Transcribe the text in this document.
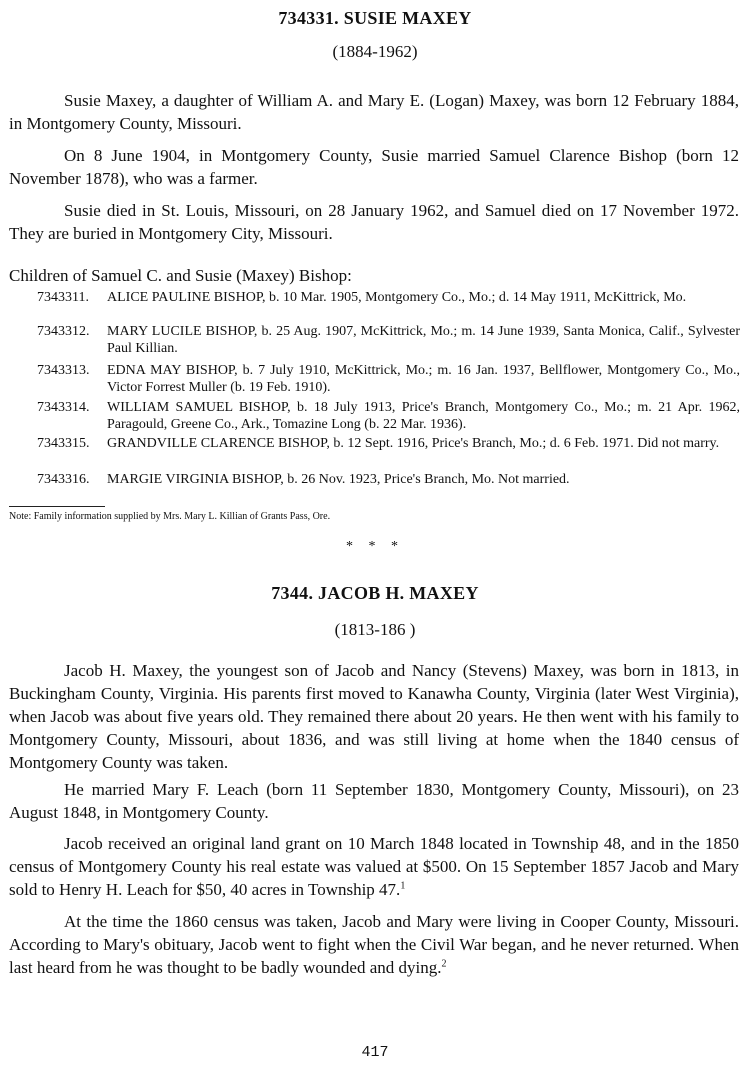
734331. SUSIE MAXEY
(1884-1962)
Susie Maxey, a daughter of William A. and Mary E. (Logan) Maxey, was born 12 February 1884, in Montgomery County, Missouri.
On 8 June 1904, in Montgomery County, Susie married Samuel Clarence Bishop (born 12 November 1878), who was a farmer.
Susie died in St. Louis, Missouri, on 28 January 1962, and Samuel died on 17 November 1972. They are buried in Montgomery City, Missouri.
Children of Samuel C. and Susie (Maxey) Bishop:
7343311.	ALICE PAULINE BISHOP, b. 10 Mar. 1905, Montgomery Co., Mo.; d. 14 May 1911, McKittrick, Mo.
7343312.	MARY LUCILE BISHOP, b. 25 Aug. 1907, McKittrick, Mo.; m. 14 June 1939, Santa Monica, Calif., Sylvester Paul Killian.
7343313.	EDNA MAY BISHOP, b. 7 July 1910, McKittrick, Mo.; m. 16 Jan. 1937, Bellflower, Montgomery Co., Mo., Victor Forrest Muller (b. 19 Feb. 1910).
7343314.	WILLIAM SAMUEL BISHOP, b. 18 July 1913, Price's Branch, Montgomery Co., Mo.; m. 21 Apr. 1962, Paragould, Greene Co., Ark., Tomazine Long (b. 22 Mar. 1936).
7343315.	GRANDVILLE CLARENCE BISHOP, b. 12 Sept. 1916, Price's Branch, Mo.; d. 6 Feb. 1971. Did not marry.
7343316.	MARGIE VIRGINIA BISHOP, b. 26 Nov. 1923, Price's Branch, Mo. Not married.
Note: Family information supplied by Mrs. Mary L. Killian of Grants Pass, Ore.
* * *
7344. JACOB H. MAXEY
(1813-186 )
Jacob H. Maxey, the youngest son of Jacob and Nancy (Stevens) Maxey, was born in 1813, in Buckingham County, Virginia. His parents first moved to Kanawha County, Virginia (later West Virginia), when Jacob was about five years old. They remained there about 20 years. He then went with his family to Montgomery County, Missouri, about 1836, and was still living at home when the 1840 census of Montgomery County was taken.
He married Mary F. Leach (born 11 September 1830, Montgomery County, Missouri), on 23 August 1848, in Montgomery County.
Jacob received an original land grant on 10 March 1848 located in Township 48, and in the 1850 census of Montgomery County his real estate was valued at $500. On 15 September 1857 Jacob and Mary sold to Henry H. Leach for $50, 40 acres in Township 47.$^1$
At the time the 1860 census was taken, Jacob and Mary were living in Cooper County, Missouri. According to Mary's obituary, Jacob went to fight when the Civil War began, and he never returned. When last heard from he was thought to be badly wounded and dying.$^2$
417
